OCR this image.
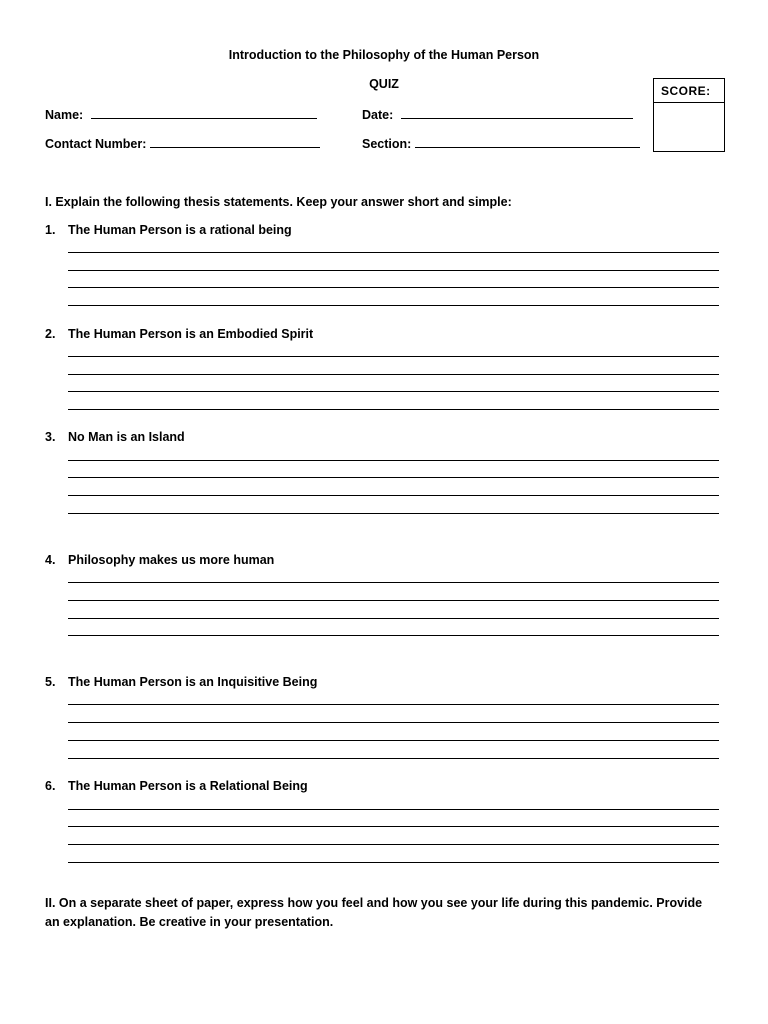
Introduction to the Philosophy of the Human Person
QUIZ	SCORE:
Name:	Date:
Contact Number:	Section:
I. Explain the following thesis statements. Keep your answer short and simple:
1. The Human Person is a rational being
2. The Human Person is an Embodied Spirit
3. No Man is an Island
4. Philosophy makes us more human
5. The Human Person is an Inquisitive Being
6. The Human Person is a Relational Being
II. On a separate sheet of paper, express how you feel and how you see your life during this pandemic. Provide an explanation. Be creative in your presentation.
